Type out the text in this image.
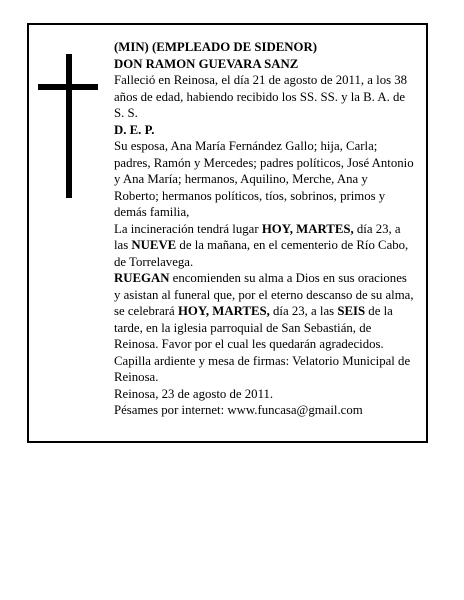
(MIN) (EMPLEADO DE SIDENOR)

DON RAMON GUEVARA SANZ

Falleció en Reinosa, el día 21 de agosto de 2011, a los 38 años de edad, habiendo recibido los SS. SS. y la B. A. de S. S.

D. E. P.

Su esposa, Ana María Fernández Gallo; hija, Carla; padres, Ramón y Mercedes; padres políticos, José Antonio y Ana María; hermanos, Aquilino, Merche, Ana y Roberto; hermanos políticos, tíos, sobrinos, primos y demás familia,

La incineración tendrá lugar HOY, MARTES, día 23, a las NUEVE de la mañana, en el cementerio de Río Cabo, de Torrelavega.

RUEGAN encomienden su alma a Dios en sus oraciones y asistan al funeral que, por el eterno descanso de su alma, se celebrará HOY, MARTES, día 23, a las SEIS de la tarde, en la iglesia parroquial de San Sebastián, de Reinosa. Favor por el cual les quedarán agradecidos. Capilla ardiente y mesa de firmas: Velatorio Municipal de Reinosa.

Reinosa, 23 de agosto de 2011.

Pésames por internet: www.funcasa@gmail.com
